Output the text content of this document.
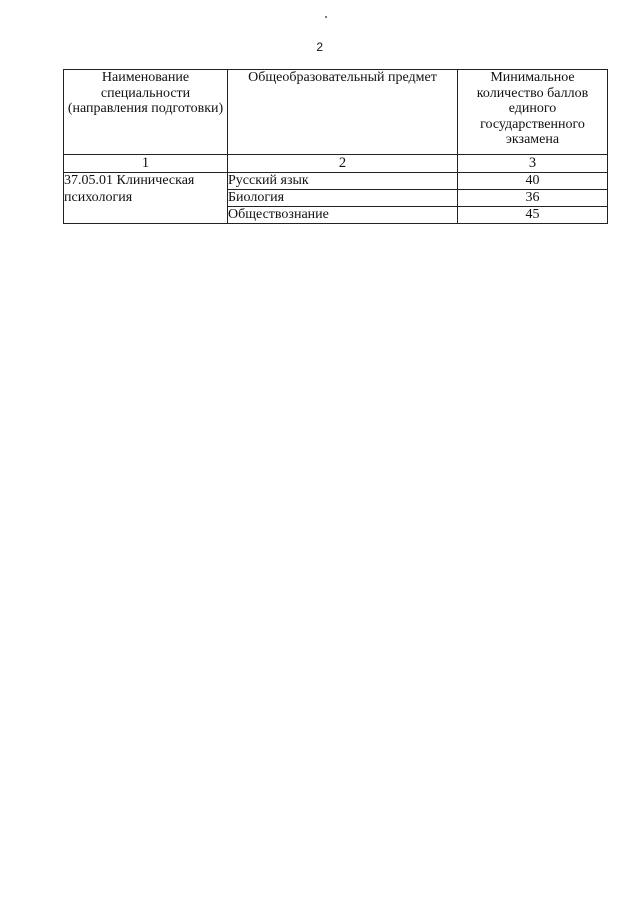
2
Наименование специальности (направления подготовки)	Общеобразовательный предмет	Минимальное количество баллов единого государственного экзамена
1	2	3
37.05.01 Клиническая психология	Русский язык	40
	Биология	36
	Обществознание	45
